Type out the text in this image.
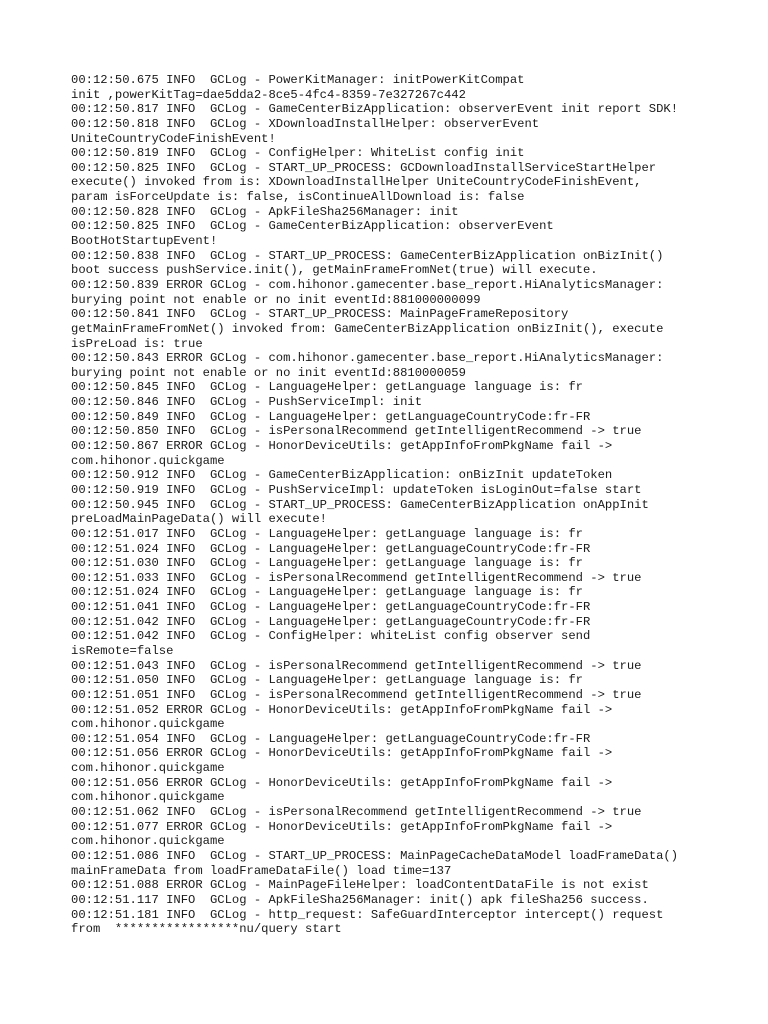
00:12:50.675 INFO  GCLog - PowerKitManager: initPowerKitCompat
init ,powerKitTag=dae5dda2-8ce5-4fc4-8359-7e327267c442
00:12:50.817 INFO  GCLog - GameCenterBizApplication: observerEvent init report SDK!
00:12:50.818 INFO  GCLog - XDownloadInstallHelper: observerEvent
UniteCountryCodeFinishEvent!
00:12:50.819 INFO  GCLog - ConfigHelper: WhiteList config init
00:12:50.825 INFO  GCLog - START_UP_PROCESS: GCDownloadInstallServiceStartHelper
execute() invoked from is: XDownloadInstallHelper UniteCountryCodeFinishEvent,
param isForceUpdate is: false, isContinueAllDownload is: false
00:12:50.828 INFO  GCLog - ApkFileSha256Manager: init
00:12:50.825 INFO  GCLog - GameCenterBizApplication: observerEvent
BootHotStartupEvent!
00:12:50.838 INFO  GCLog - START_UP_PROCESS: GameCenterBizApplication onBizInit()
boot success pushService.init(), getMainFrameFromNet(true) will execute.
00:12:50.839 ERROR GCLog - com.hihonor.gamecenter.base_report.HiAnalyticsManager:
burying point not enable or no init eventId:881000000099
00:12:50.841 INFO  GCLog - START_UP_PROCESS: MainPageFrameRepository
getMainFrameFromNet() invoked from: GameCenterBizApplication onBizInit(), execute
isPreLoad is: true
00:12:50.843 ERROR GCLog - com.hihonor.gamecenter.base_report.HiAnalyticsManager:
burying point not enable or no init eventId:8810000059
00:12:50.845 INFO  GCLog - LanguageHelper: getLanguage language is: fr
00:12:50.846 INFO  GCLog - PushServiceImpl: init
00:12:50.849 INFO  GCLog - LanguageHelper: getLanguageCountryCode:fr-FR
00:12:50.850 INFO  GCLog - isPersonalRecommend getIntelligentRecommend -> true
00:12:50.867 ERROR GCLog - HonorDeviceUtils: getAppInfoFromPkgName fail ->
com.hihonor.quickgame
00:12:50.912 INFO  GCLog - GameCenterBizApplication: onBizInit updateToken
00:12:50.919 INFO  GCLog - PushServiceImpl: updateToken isLoginOut=false start
00:12:50.945 INFO  GCLog - START_UP_PROCESS: GameCenterBizApplication onAppInit
preLoadMainPageData() will execute!
00:12:51.017 INFO  GCLog - LanguageHelper: getLanguage language is: fr
00:12:51.024 INFO  GCLog - LanguageHelper: getLanguageCountryCode:fr-FR
00:12:51.030 INFO  GCLog - LanguageHelper: getLanguage language is: fr
00:12:51.033 INFO  GCLog - isPersonalRecommend getIntelligentRecommend -> true
00:12:51.024 INFO  GCLog - LanguageHelper: getLanguage language is: fr
00:12:51.041 INFO  GCLog - LanguageHelper: getLanguageCountryCode:fr-FR
00:12:51.042 INFO  GCLog - LanguageHelper: getLanguageCountryCode:fr-FR
00:12:51.042 INFO  GCLog - ConfigHelper: whiteList config observer send
isRemote=false
00:12:51.043 INFO  GCLog - isPersonalRecommend getIntelligentRecommend -> true
00:12:51.050 INFO  GCLog - LanguageHelper: getLanguage language is: fr
00:12:51.051 INFO  GCLog - isPersonalRecommend getIntelligentRecommend -> true
00:12:51.052 ERROR GCLog - HonorDeviceUtils: getAppInfoFromPkgName fail ->
com.hihonor.quickgame
00:12:51.054 INFO  GCLog - LanguageHelper: getLanguageCountryCode:fr-FR
00:12:51.056 ERROR GCLog - HonorDeviceUtils: getAppInfoFromPkgName fail ->
com.hihonor.quickgame
00:12:51.056 ERROR GCLog - HonorDeviceUtils: getAppInfoFromPkgName fail ->
com.hihonor.quickgame
00:12:51.062 INFO  GCLog - isPersonalRecommend getIntelligentRecommend -> true
00:12:51.077 ERROR GCLog - HonorDeviceUtils: getAppInfoFromPkgName fail ->
com.hihonor.quickgame
00:12:51.086 INFO  GCLog - START_UP_PROCESS: MainPageCacheDataModel loadFrameData()
mainFrameData from loadFrameDataFile() load time=137
00:12:51.088 ERROR GCLog - MainPageFileHelper: loadContentDataFile is not exist
00:12:51.117 INFO  GCLog - ApkFileSha256Manager: init() apk fileSha256 success.
00:12:51.181 INFO  GCLog - http_request: SafeGuardInterceptor intercept() request
from  *****************nu/query start
